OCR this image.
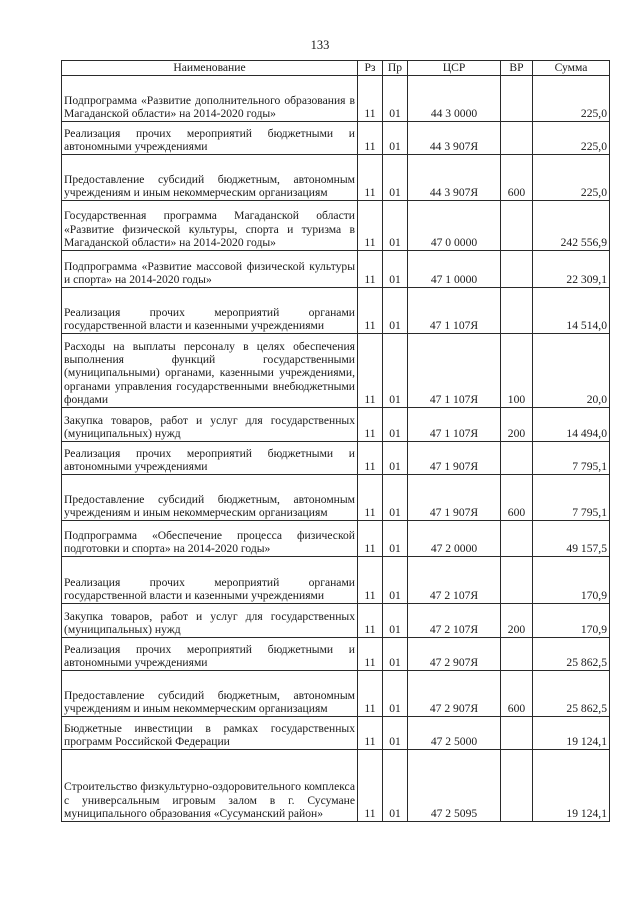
133
Наименование	Рз	Пр	ЦСР	ВР	Сумма
Подпрограмма «Развитие дополнительного образования в Магаданской области» на 2014-2020 годы»	11	01	44 3 0000		225,0
Реализация прочих мероприятий бюджетными и автономными учреждениями	11	01	44 3 907Я		225,0
Предоставление субсидий бюджетным, автономным учреждениям и иным некоммерческим организациям	11	01	44 3 907Я	600	225,0
Государственная программа Магаданской области «Развитие физической культуры, спорта и туризма в Магаданской области» на 2014-2020 годы»	11	01	47 0 0000		242 556,9
Подпрограмма «Развитие массовой физической культуры и спорта» на 2014-2020 годы»	11	01	47 1 0000		22 309,1
Реализация прочих мероприятий органами государственной власти и казенными учреждениями	11	01	47 1 107Я		14 514,0
Расходы на выплаты персоналу в целях обеспечения выполнения функций государственными (муниципальными) органами, казенными учреждениями, органами управления государственными внебюджетными фондами	11	01	47 1 107Я	100	20,0
Закупка товаров, работ и услуг для государственных (муниципальных) нужд	11	01	47 1 107Я	200	14 494,0
Реализация прочих мероприятий бюджетными и автономными учреждениями	11	01	47 1 907Я		7 795,1
Предоставление субсидий бюджетным, автономным учреждениям и иным некоммерческим организациям	11	01	47 1 907Я	600	7 795,1
Подпрограмма «Обеспечение процесса физической подготовки и спорта» на 2014-2020 годы»	11	01	47 2 0000		49 157,5
Реализация прочих мероприятий органами государственной власти и казенными учреждениями	11	01	47 2 107Я		170,9
Закупка товаров, работ и услуг для государственных (муниципальных) нужд	11	01	47 2 107Я	200	170,9
Реализация прочих мероприятий бюджетными и автономными учреждениями	11	01	47 2 907Я		25 862,5
Предоставление субсидий бюджетным, автономным учреждениям и иным некоммерческим организациям	11	01	47 2 907Я	600	25 862,5
Бюджетные инвестиции в рамках государственных программ Российской Федерации	11	01	47 2 5000		19 124,1
Строительство физкультурно-оздоровительного комплекса с универсальным игровым залом в г. Сусумане муниципального образования «Сусуманский район»	11	01	47 2 5095		19 124,1
